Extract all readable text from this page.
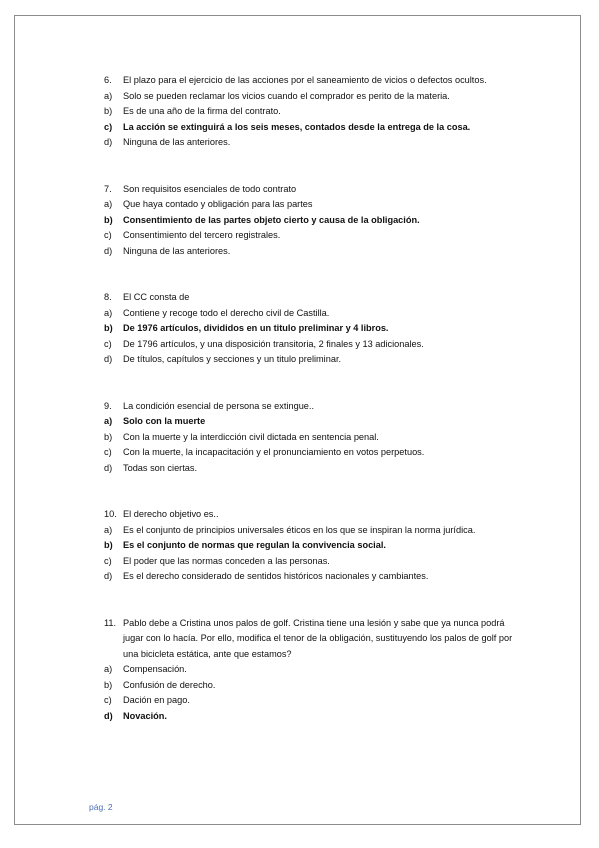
6.	El plazo para el ejercicio de las acciones por el saneamiento de vicios o defectos ocultos.
a)	Solo se pueden reclamar los vicios cuando el comprador es perito de la materia.
b)	Es de una año de la firma del contrato.
c)	La acción se extinguirá a los seis meses, contados desde la entrega de la cosa.
d)	Ninguna de las anteriores.
7.	Son requisitos esenciales de todo contrato
a)	Que haya contado y obligación para las partes
b)	Consentimiento de las partes objeto cierto y causa de la obligación.
c)	Consentimiento del tercero registrales.
d)	Ninguna de las anteriores.
8.	El CC consta de
a)	Contiene y recoge todo el derecho civil de Castilla.
b)	De 1976 artículos, divididos en un titulo preliminar y 4 libros.
c)	De 1796 artículos, y una disposición transitoria, 2 finales y 13 adicionales.
d)	De títulos, capítulos y secciones y un titulo preliminar.
9.	La condición esencial de persona se extingue..
a)	Solo con la muerte
b)	Con la muerte y la interdicción civil dictada en sentencia penal.
c)	Con la muerte, la incapacitación y el pronunciamiento en votos perpetuos.
d)	Todas son ciertas.
10. El derecho objetivo es..
a)	Es el conjunto de principios universales éticos en los que se inspiran la norma jurídica.
b)	Es el conjunto de normas que regulan la convivencia social.
c)	El poder que las normas conceden a las personas.
d)	Es el derecho considerado de sentidos históricos nacionales y cambiantes.
11. Pablo debe a Cristina unos palos de golf. Cristina tiene una lesión y sabe que ya nunca podrá jugar con lo hacía. Por ello, modifica el tenor de la obligación, sustituyendo los palos de golf por una bicicleta estática, ante que estamos?
a)	Compensación.
b)	Confusión de derecho.
c)	Dación en pago.
d)	Novación.
pág. 2
